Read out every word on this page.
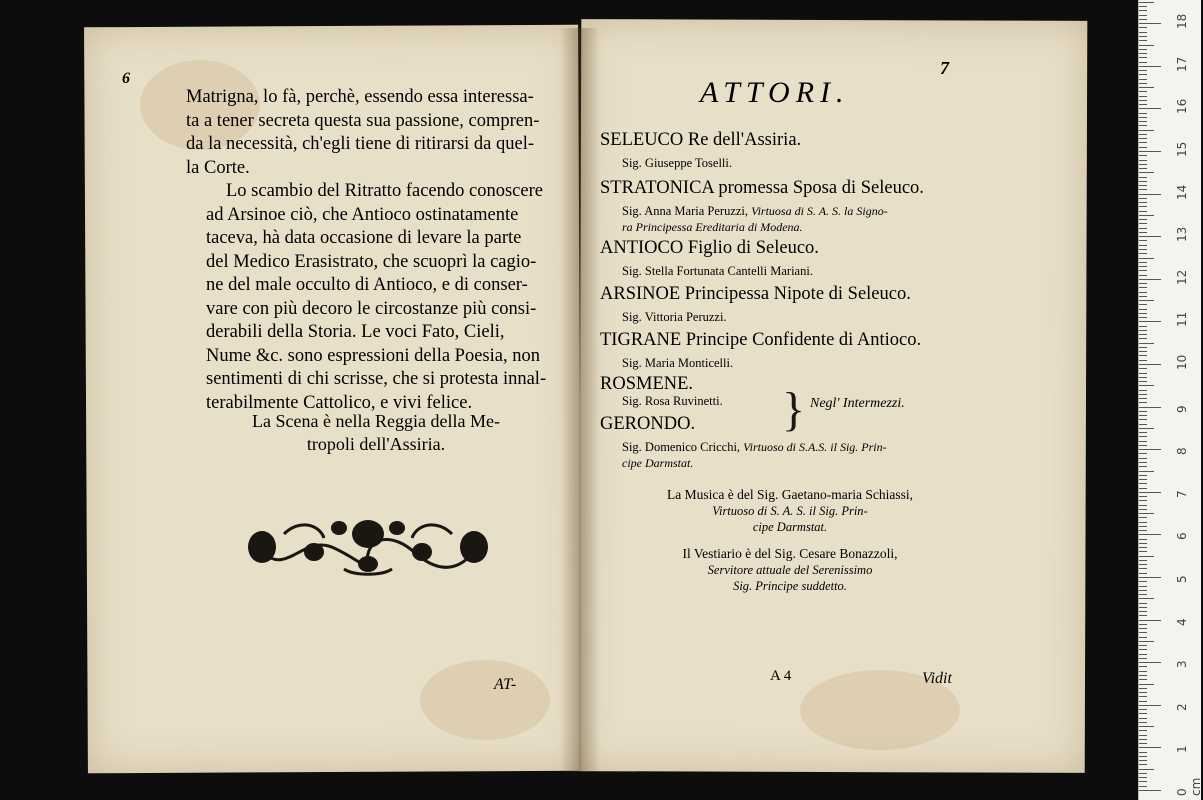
6

Matrigna, lo fà, perchè, essendo essa interessa-
ta a tener secreta questa sua passione, compren-
da la necessità, ch'egli tiene di ritirarsi da quel-
la Corte.

Lo scambio del Ritratto facendo conoscere
ad Arsinoe ciò, che Antioco ostinatamente
taceva, hà data occasione di levare la parte
del Medico Erasistrato, che scuoprì la cagio-
ne del male occulto di Antioco, e di conser-
vare con più decoro le circostanze più consi-
derabili della Storia. Le voci Fato, Cieli,
Nume &c. sono espressioni della Poesia, non
sentimenti di chi scrisse, che si protesta innal-
terabilmente Cattolico, e vivi felice.

La Scena è nella Reggia della Me-
tropoli dell'Assiria.
AT-
7
ATTORI.
SELEUCO Re dell'Assiria.
Sig. Giuseppe Toselli.
STRATONICA promessa Sposa di Seleuco.
Sig. Anna Maria Peruzzi, Virtuosa di S. A. S. la Signo-
ra Principessa Ereditaria di Modena.
ANTIOCO Figlio di Seleuco.
Sig. Stella Fortunata Cantelli Mariani.
ARSINOE Principessa Nipote di Seleuco.
Sig. Vittoria Peruzzi.
TIGRANE Principe Confidente di Antioco.
Sig. Maria Monticelli.
ROSMENE.
Sig. Rosa Ruvinetti.
GERONDO.
Sig. Domenico Cricchi, Virtuoso di S.A.S. il Sig. Prin-
cipe Darmstat.
} Negl' Intermezzi.
La Musica è del Sig. Gaetano-maria Schiassi,
Virtuoso di S. A. S. il Sig. Prin-
cipe Darmstat.
Il Vestiario è del Sig. Cesare Bonazzoli,
Servitore attuale del Serenissimo
Sig. Principe suddetto.
A 4	Vidit
0 cm
1
2
3
4
5
6
7
8
9
10
11
12
13
14
15
16
17
18
